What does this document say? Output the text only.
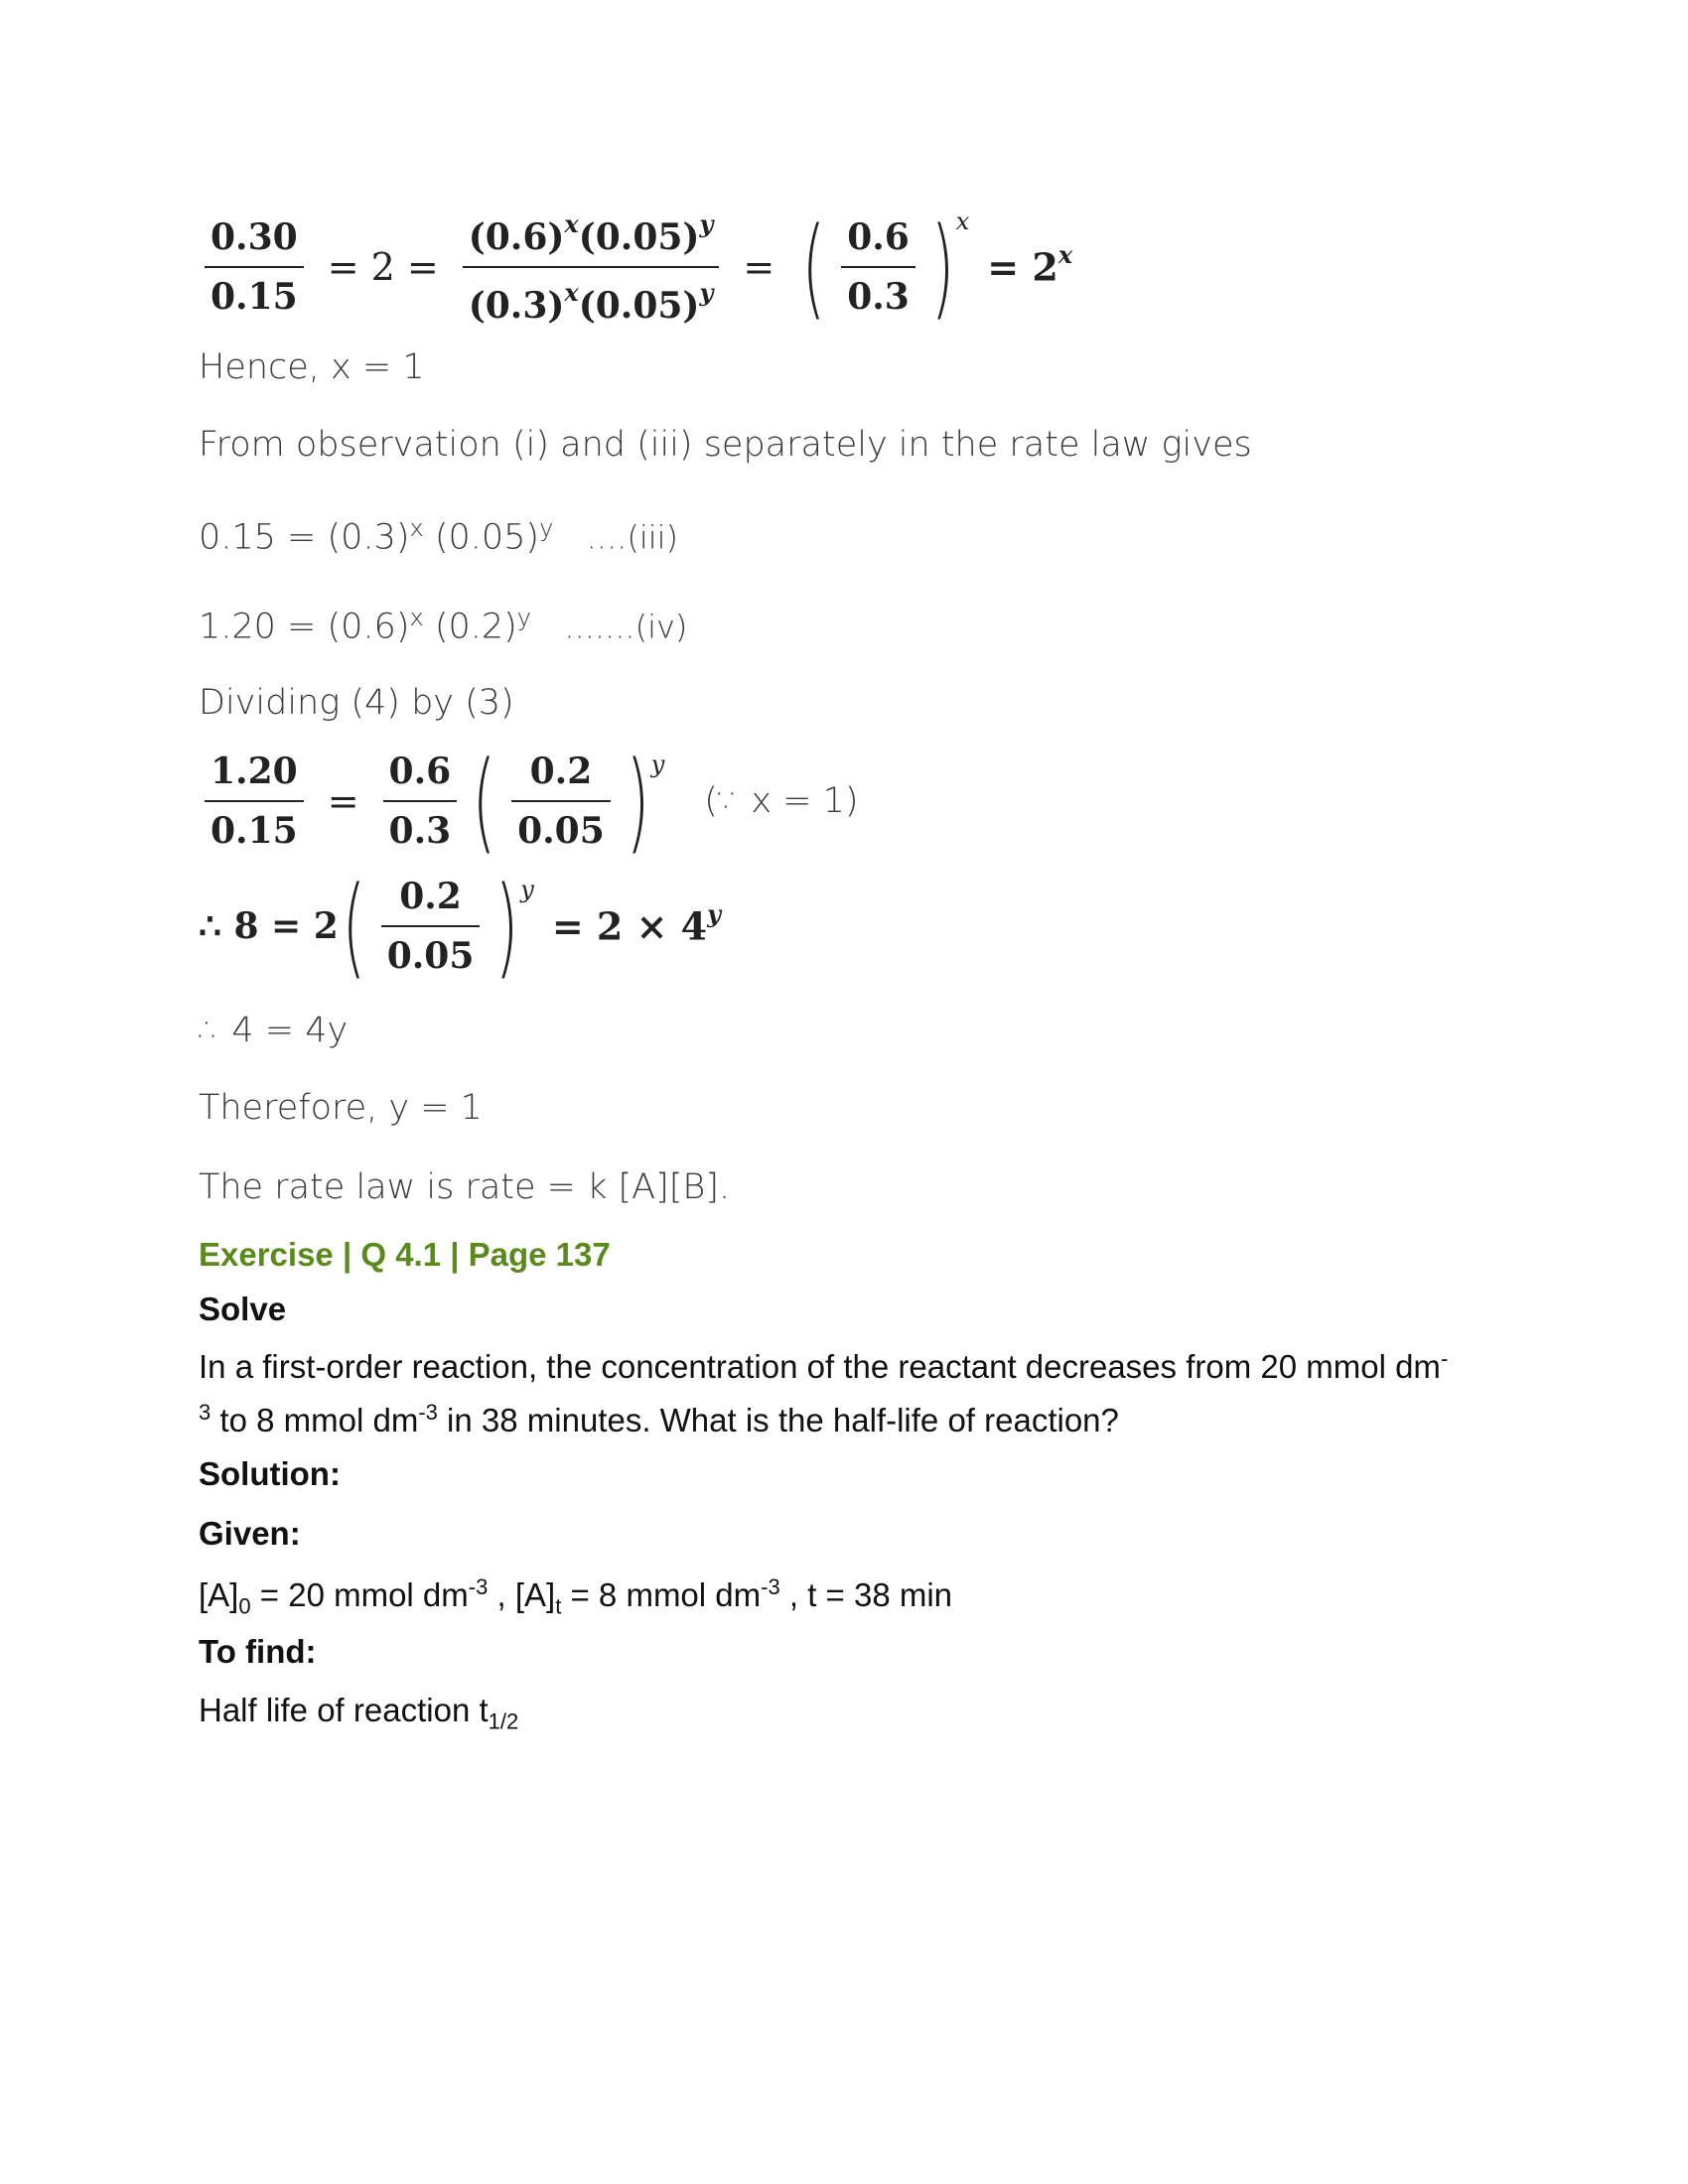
$\frac{0.30}{0.15} = 2 = \frac{(0.6)^x(0.05)^y}{(0.3)^x(0.05)^y}$ = ( $\frac{0.6}{0.3}$ ) x
= $2^x$
Hence, x = 1
From observation (i) and (iii) separately in the rate law gives
$0.15 = (0.3)^x$ $(0.05)^y$ ....(iii)
$1.20 = (0.6)^x$ $(0.2)^y$ .......(iv)
Dividing (4) by (3)
$\frac{1.20}{0.15} = \frac{0.6}{0.3}$ ( $\frac{0.2}{0.05}$ ) y
(∵ x = 1)
∴ 8 = 2 ( $\frac{0.2}{0.05}$ ) y
= $2 \times 4^y$
∴ 4 = 4y
Therefore, y = 1
The rate law is rate = k [A][B].
Exercise | Q 4.1 | Page 137
Solve
In a first-order reaction, the concentration of the reactant decreases from 20 mmol dm-
$^3$ to 8 mmol $dm^{-3}$ in 38 minutes. What is the half-life of reaction?
Solution:
Given:
$[A]_0 = 20$ mmol $dm^{-3}$ , $[A]_t = 8$ mmol $dm^{-3}$ , t = 38 min
To find:
Half life of reaction $t_{1/2}$
